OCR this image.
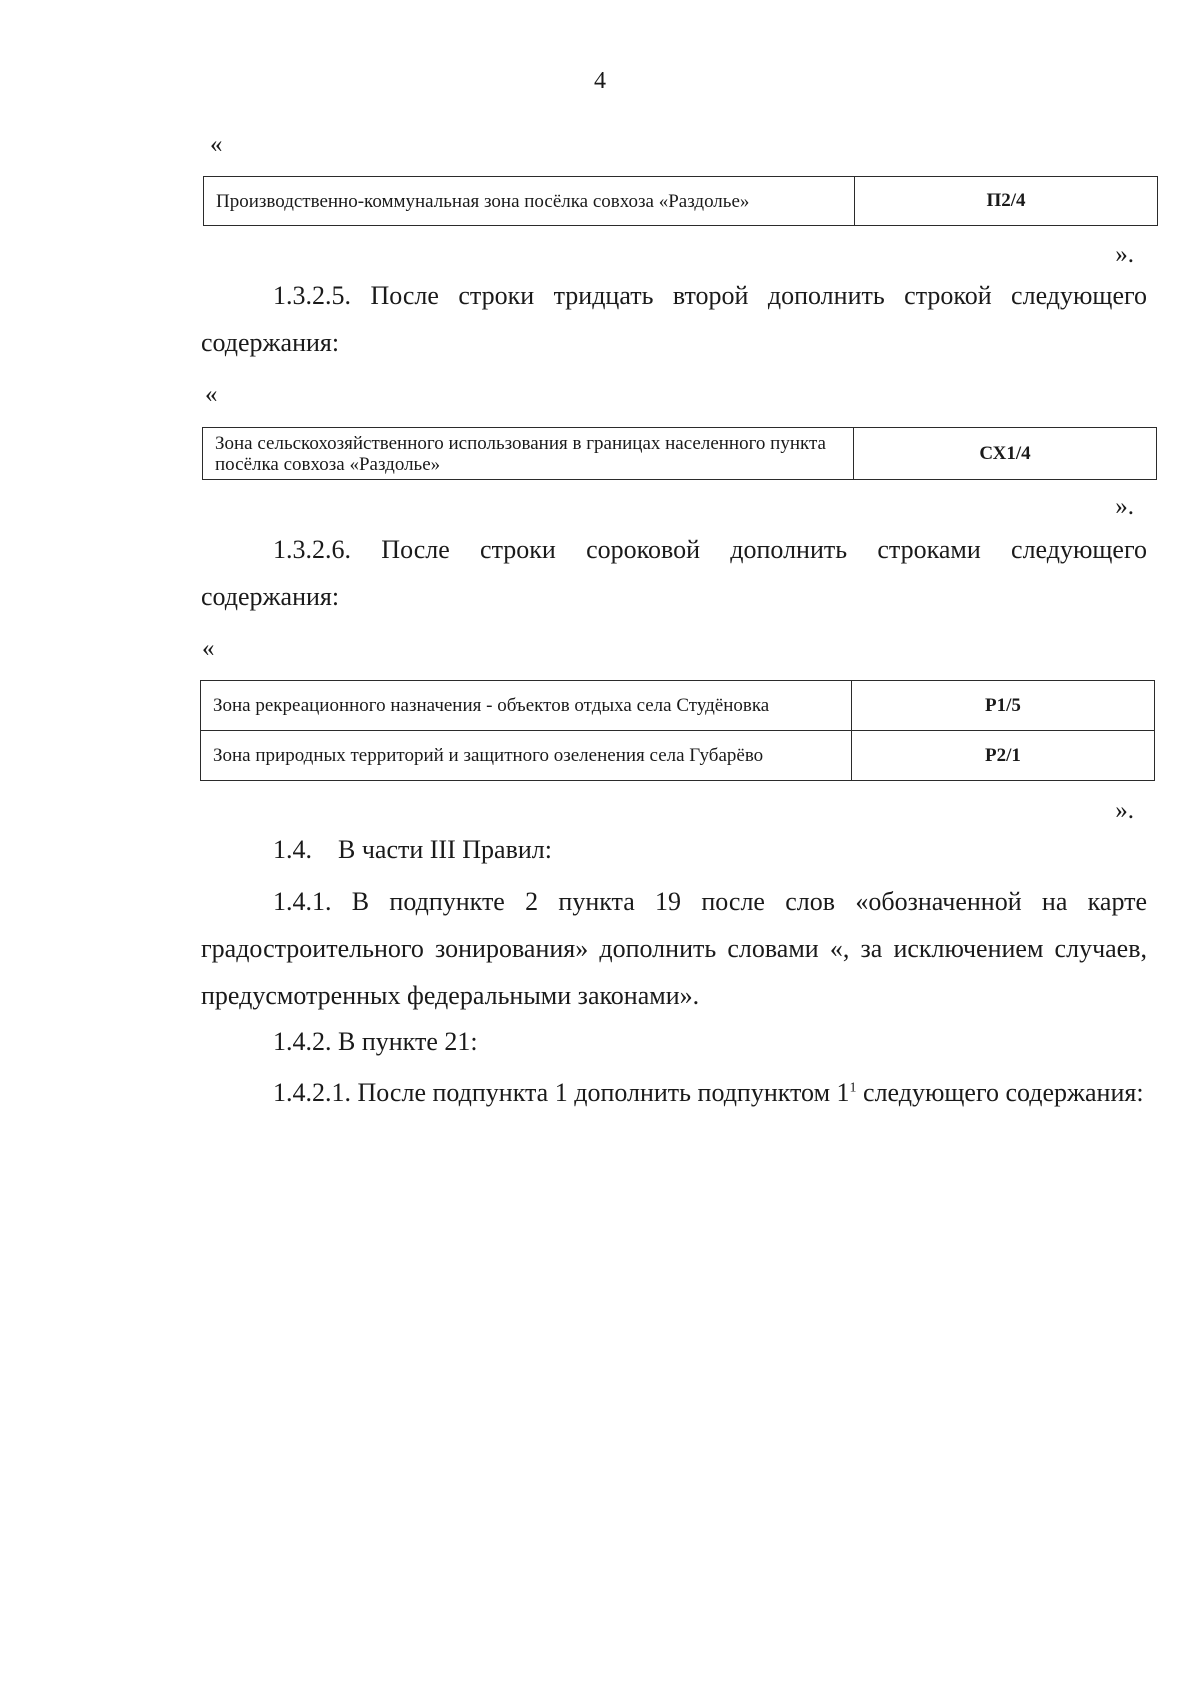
4
«
Производственно-коммунальная зона посёлка совхоза «Раздолье»	П2/4
».
1.3.2.5. После строки тридцать второй дополнить строкой следующего содержания:
«
Зона сельскохозяйственного использования в границах населенного пункта посёлка совхоза «Раздолье»	СХ1/4
».
1.3.2.6. После строки сороковой дополнить строками следующего содержания:
«
Зона рекреационного назначения - объектов отдыха села Студёновка	Р1/5
Зона природных территорий и защитного озеленения села Губарёво	Р2/1
».
1.4.    В части III Правил:
1.4.1. В подпункте 2 пункта 19 после слов «обозначенной на карте градостроительного зонирования» дополнить словами «, за исключением случаев, предусмотренных федеральными законами».
1.4.2. В пункте 21:
1.4.2.1. После подпункта 1 дополнить подпунктом $1^1$ следующего содержания:
